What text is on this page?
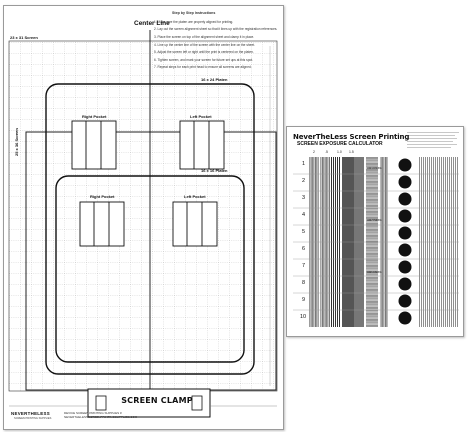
Step by Step Instructions

1. Make sure the platen are properly aligned for printing.

2. Lay out the screen alignment sheet so that it lines up with the registration references.

3. Place the screen on top of the alignment sheet and clamp it in place.

4. Line up the center line of the screen with the center line on the sheet.

5. Adjust the screen left or right until the print is centered on the platen.

6. Tighten screen, and mark your screen for future set ups at this spot.

7. Repeat steps for each print head to ensure all screens are aligned.

Center Line
23 x 31 Screen
25 x 36 Screen
16 x 24 Platen
16 x 16 Platen
Right Pocket	Left Pocket
Right Pocket	Left Pocket
SCREEN CLAMP
NEVERTHELESS
SCREEN PRINTING SUPPLIES
DEVICE SCREEN PRINTING SUPPLIES #
NEVERTHELESSSCREENPRINTINGSUPPLIES.COM
NeverTheLess Screen Printing
SCREEN EXPOSURE CALCULATOR
2	.5	1.0 1.5
1
2
3
4
5
6
7
8
9
10
ABCDEFG
ABCDEFG
ABCDEFG
